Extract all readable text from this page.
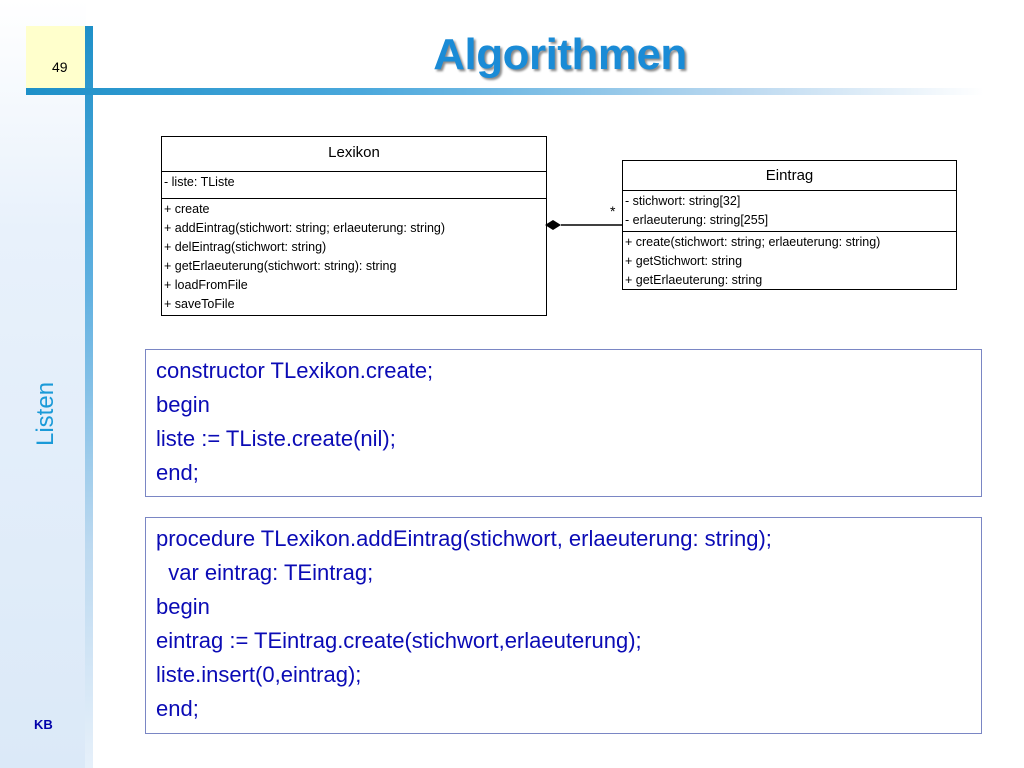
49	Algorithmen
Listen
KB
Lexikon
- liste: TListe
+ create
+ addEintrag(stichwort: string; erlaeuterung: string)
+ delEintrag(stichwort: string)
+ getErlaeuterung(stichwort: string): string
+ loadFromFile
+ saveToFile
*
Eintrag
- stichwort: string[32]
- erlaeuterung: string[255]
+ create(stichwort: string; erlaeuterung: string)
+ getStichwort: string
+ getErlaeuterung: string
constructor TLexikon.create;
begin
liste := TListe.create(nil);
end;
procedure TLexikon.addEintrag(stichwort, erlaeuterung: string);
var eintrag: TEintrag;
begin
eintrag := TEintrag.create(stichwort,erlaeuterung);
liste.insert(0,eintrag);
end;
